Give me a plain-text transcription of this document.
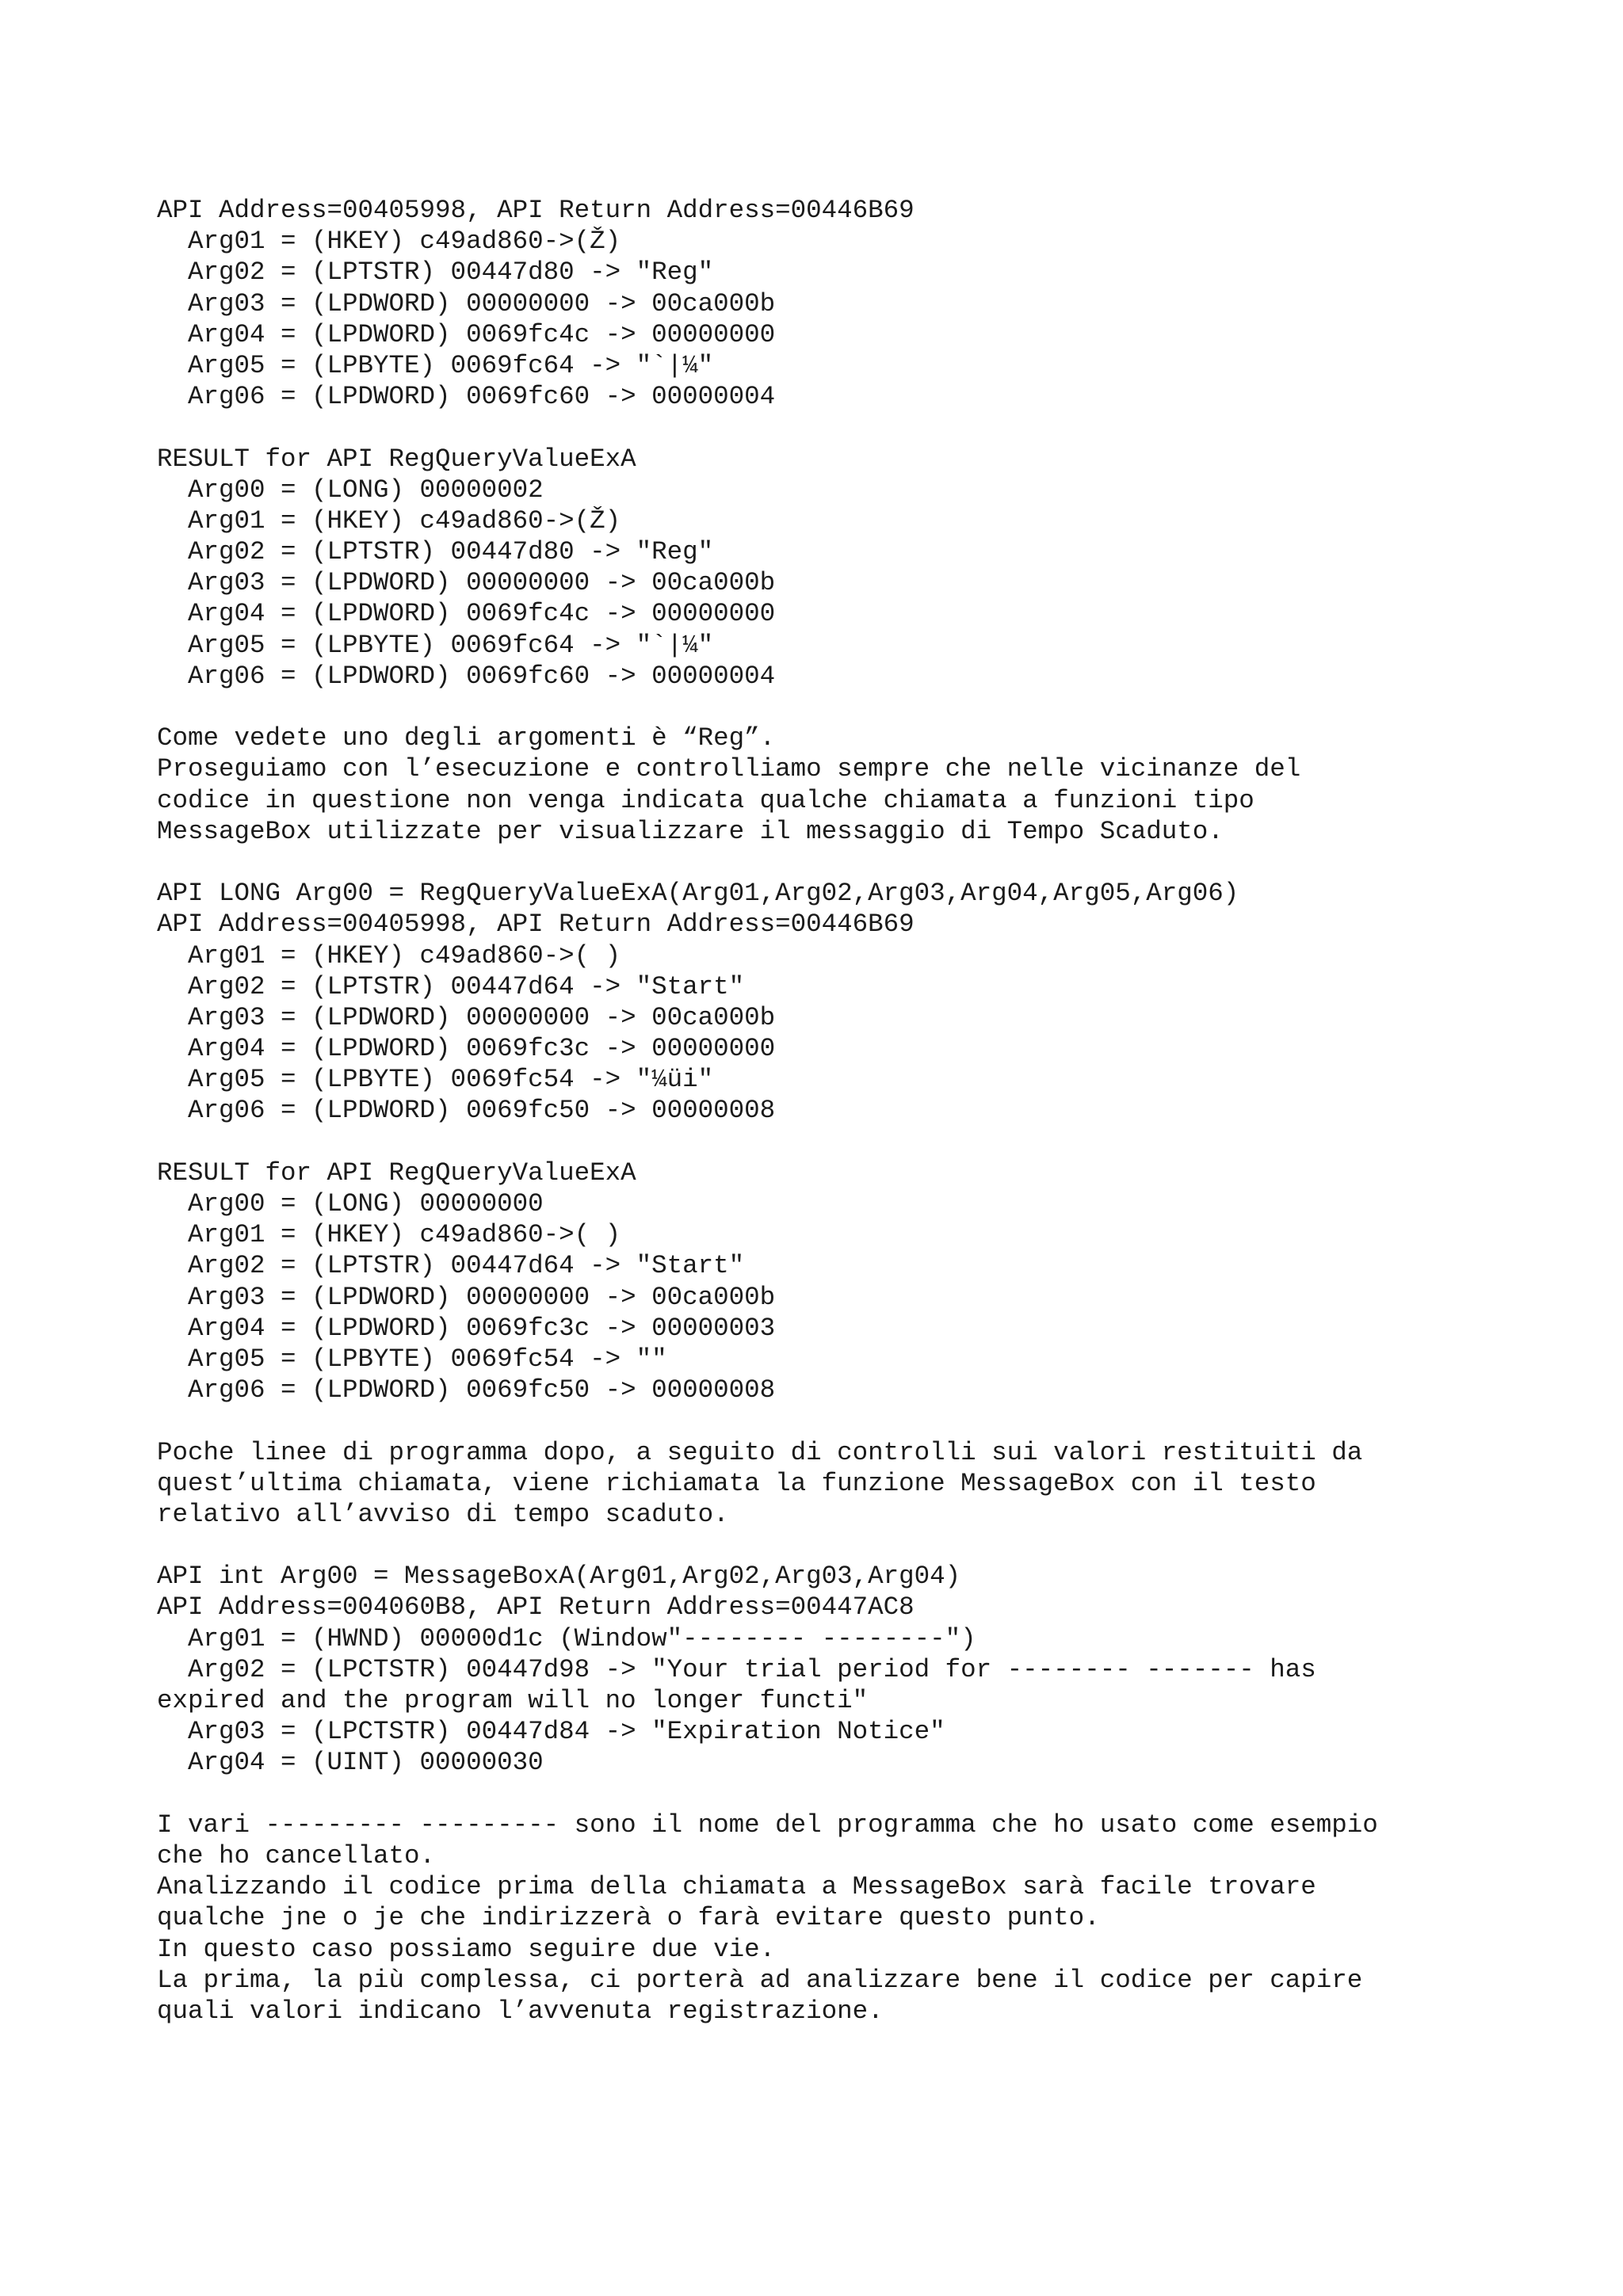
API Address=00405998, API Return Address=00446B69
Arg01 = (HKEY) c49ad860->(Ž)
Arg02 = (LPTSTR) 00447d80 -> "Reg"
Arg03 = (LPDWORD) 00000000 -> 00ca000b
Arg04 = (LPDWORD) 0069fc4c -> 00000000
Arg05 = (LPBYTE) 0069fc64 -> "`|¼"
Arg06 = (LPDWORD) 0069fc60 -> 00000004
RESULT for API RegQueryValueExA
Arg00 = (LONG) 00000002
Arg01 = (HKEY) c49ad860->(Ž)
Arg02 = (LPTSTR) 00447d80 -> "Reg"
Arg03 = (LPDWORD) 00000000 -> 00ca000b
Arg04 = (LPDWORD) 0069fc4c -> 00000000
Arg05 = (LPBYTE) 0069fc64 -> "`|¼"
Arg06 = (LPDWORD) 0069fc60 -> 00000004
Come vedete uno degli argomenti è “Reg”.
Proseguiamo con l’esecuzione e controlliamo sempre che nelle vicinanze del
codice in questione non venga indicata qualche chiamata a funzioni tipo
MessageBox utilizzate per visualizzare il messaggio di Tempo Scaduto.
API LONG Arg00 = RegQueryValueExA(Arg01,Arg02,Arg03,Arg04,Arg05,Arg06)
API Address=00405998, API Return Address=00446B69
Arg01 = (HKEY) c49ad860->( )
Arg02 = (LPTSTR) 00447d64 -> "Start"
Arg03 = (LPDWORD) 00000000 -> 00ca000b
Arg04 = (LPDWORD) 0069fc3c -> 00000000
Arg05 = (LPBYTE) 0069fc54 -> "¼üi"
Arg06 = (LPDWORD) 0069fc50 -> 00000008
RESULT for API RegQueryValueExA
Arg00 = (LONG) 00000000
Arg01 = (HKEY) c49ad860->( )
Arg02 = (LPTSTR) 00447d64 -> "Start"
Arg03 = (LPDWORD) 00000000 -> 00ca000b
Arg04 = (LPDWORD) 0069fc3c -> 00000003
Arg05 = (LPBYTE) 0069fc54 -> ""
Arg06 = (LPDWORD) 0069fc50 -> 00000008
Poche linee di programma dopo, a seguito di controlli sui valori restituiti da
quest’ultima chiamata, viene richiamata la funzione MessageBox con il testo
relativo all’avviso di tempo scaduto.
API int Arg00 = MessageBoxA(Arg01,Arg02,Arg03,Arg04)
API Address=004060B8, API Return Address=00447AC8
Arg01 = (HWND) 00000d1c (Window"-------- --------")
Arg02 = (LPCTSTR) 00447d98 -> "Your trial period for -------- ------- has
expired and the program will no longer functi"
Arg03 = (LPCTSTR) 00447d84 -> "Expiration Notice"
Arg04 = (UINT) 00000030
I vari --------- --------- sono il nome del programma che ho usato come esempio
che ho cancellato.
Analizzando il codice prima della chiamata a MessageBox sarà facile trovare
qualche jne o je che indirizzerà o farà evitare questo punto.
In questo caso possiamo seguire due vie.
La prima, la più complessa, ci porterà ad analizzare bene il codice per capire
quali valori indicano l’avvenuta registrazione.
